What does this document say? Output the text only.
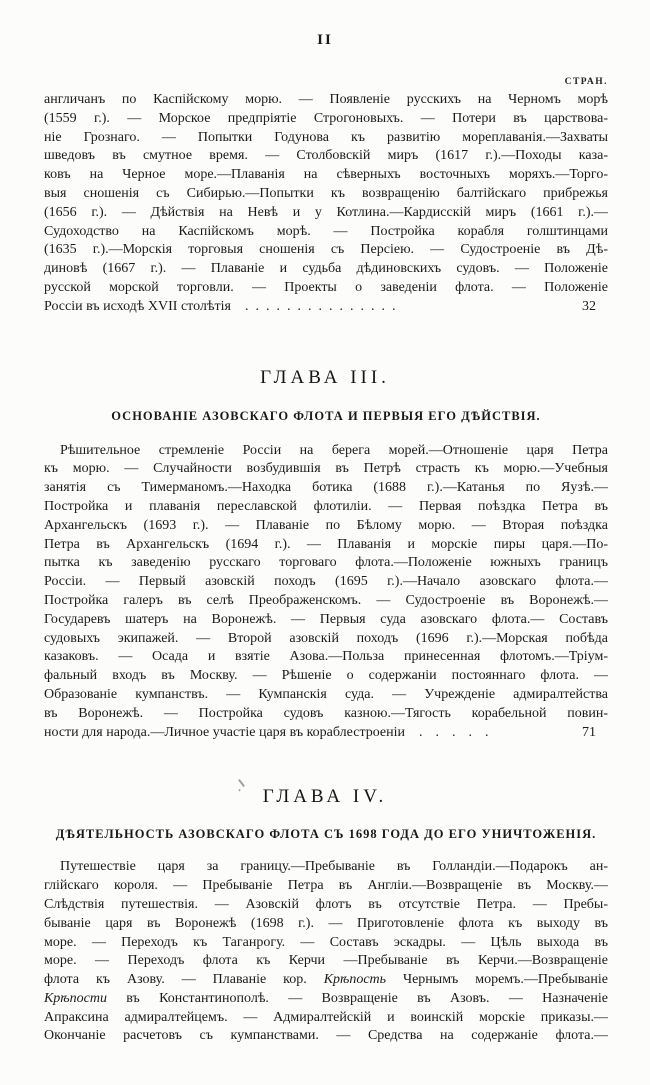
II
СТРАН.
англичанъ по Каспійскому морю. — Появленіе русскихъ на Черномъ морѣ
(1559 г.). — Морское предпріятіе Строгоновыхъ. — Потери въ царствова-
ніе Грознаго. — Попытки Годунова къ развитію мореплаванія.—Захваты
шведовъ въ смутное время. — Столбовскій миръ (1617 г.).—Походы каза-
ковъ на Черное море.—Плаванія на сѣверныхъ восточныхъ моряхъ.—Торго-
выя сношенія съ Сибирью.—Попытки къ возвращенію балтійскаго прибрежья
(1656 г.). — Дѣйствія на Невѣ и у Котлина.—Кардисскій миръ (1661 г.).—
Судоходство на Каспійскомъ морѣ. — Постройка корабля голштинцами
(1635 г.).—Морскія торговыя сношенія съ Персіею. — Судостроеніе въ Дѣ-
диновѣ (1667 г.). — Плаваніе и судьба дѣдиновскихъ судовъ. — Положеніе
русской морской торговли. — Проекты о заведеніи флота. — Положеніе
Россіи въ исходѣ XVII столѣтія	...............	32
ГЛАВА III.
ОСНОВАНІЕ АЗОВСКАГО ФЛОТА И ПЕРВЫЯ ЕГО ДѢЙСТВІЯ.
Рѣшительное стремленіе Россіи на берега морей.—Отношеніе царя Петра
къ морю. — Случайности возбудившія въ Петрѣ страсть къ морю.—Учебныя
занятія съ Тимерманомъ.—Находка ботика (1688 г.).—Катанья по Яузѣ.—
Постройка и плаванія переславской флотиліи. — Первая поѣздка Петра въ
Архангельскъ (1693 г.). — Плаваніе по Бѣлому морю. — Вторая поѣздка
Петра въ Архангельскъ (1694 г.). — Плаванія и морскіе пиры царя.—По-
пытка къ заведенію русскаго торговаго флота.—Положеніе южныхъ границъ
Россіи. — Первый азовскій походъ (1695 г.).—Начало азовскаго флота.—
Постройка галеръ въ селѣ Преображенскомъ. — Судостроеніе въ Воронежѣ.—
Государевъ шатеръ на Воронежѣ. — Первыя суда азовскаго флота.— Составъ
судовыхъ экипажей. — Второй азовскій походъ (1696 г.).—Морская побѣда
казаковъ. — Осада и взятіе Азова.—Польза принесенная флотомъ.—Тріум-
фальный входъ въ Москву. — Рѣшеніе о содержаніи постояннаго флота. —
Образованіе кумпанствъ. — Кумпанскія суда. — Учрежденіе адмиралтейства
въ Воронежѣ. — Постройка судовъ казною.—Тягость корабельной повин-
ности для народа.—Личное участіе царя въ кораблестроеніи	.....	71
ГЛАВА IV.
ДѢЯТЕЛЬНОСТЬ АЗОВСКАГО ФЛОТА СЪ 1698 ГОДА ДО ЕГО УНИЧТОЖЕНІЯ.
Путешествіе царя за границу.—Пребываніе въ Голландіи.—Подарокъ ан-
глійскаго короля. — Пребываніе Петра въ Англіи.—Возвращеніе въ Москву.—
Слѣдствія путешествія. — Азовскій флотъ въ отсутствіе Петра. — Пребы-
бываніе царя въ Воронежѣ (1698 г.). — Приготовленіе флота къ выходу въ
море. — Переходъ къ Таганрогу. — Составъ эскадры. — Цѣль выхода въ
море. — Переходъ флота къ Керчи —Пребываніе въ Керчи.—Возвращеніе
флота къ Азову. — Плаваніе кор. Крѣпость Чернымъ моремъ.—Пребываніе
Крѣпости въ Константинополѣ. — Возвращеніе въ Азовъ. — Назначеніе
Апраксина адмиралтейцемъ. — Адмиралтейскій и воинскій морскіе приказы.—
Окончаніе расчетовъ съ кумпанствами. — Средства на содержаніе флота.—
